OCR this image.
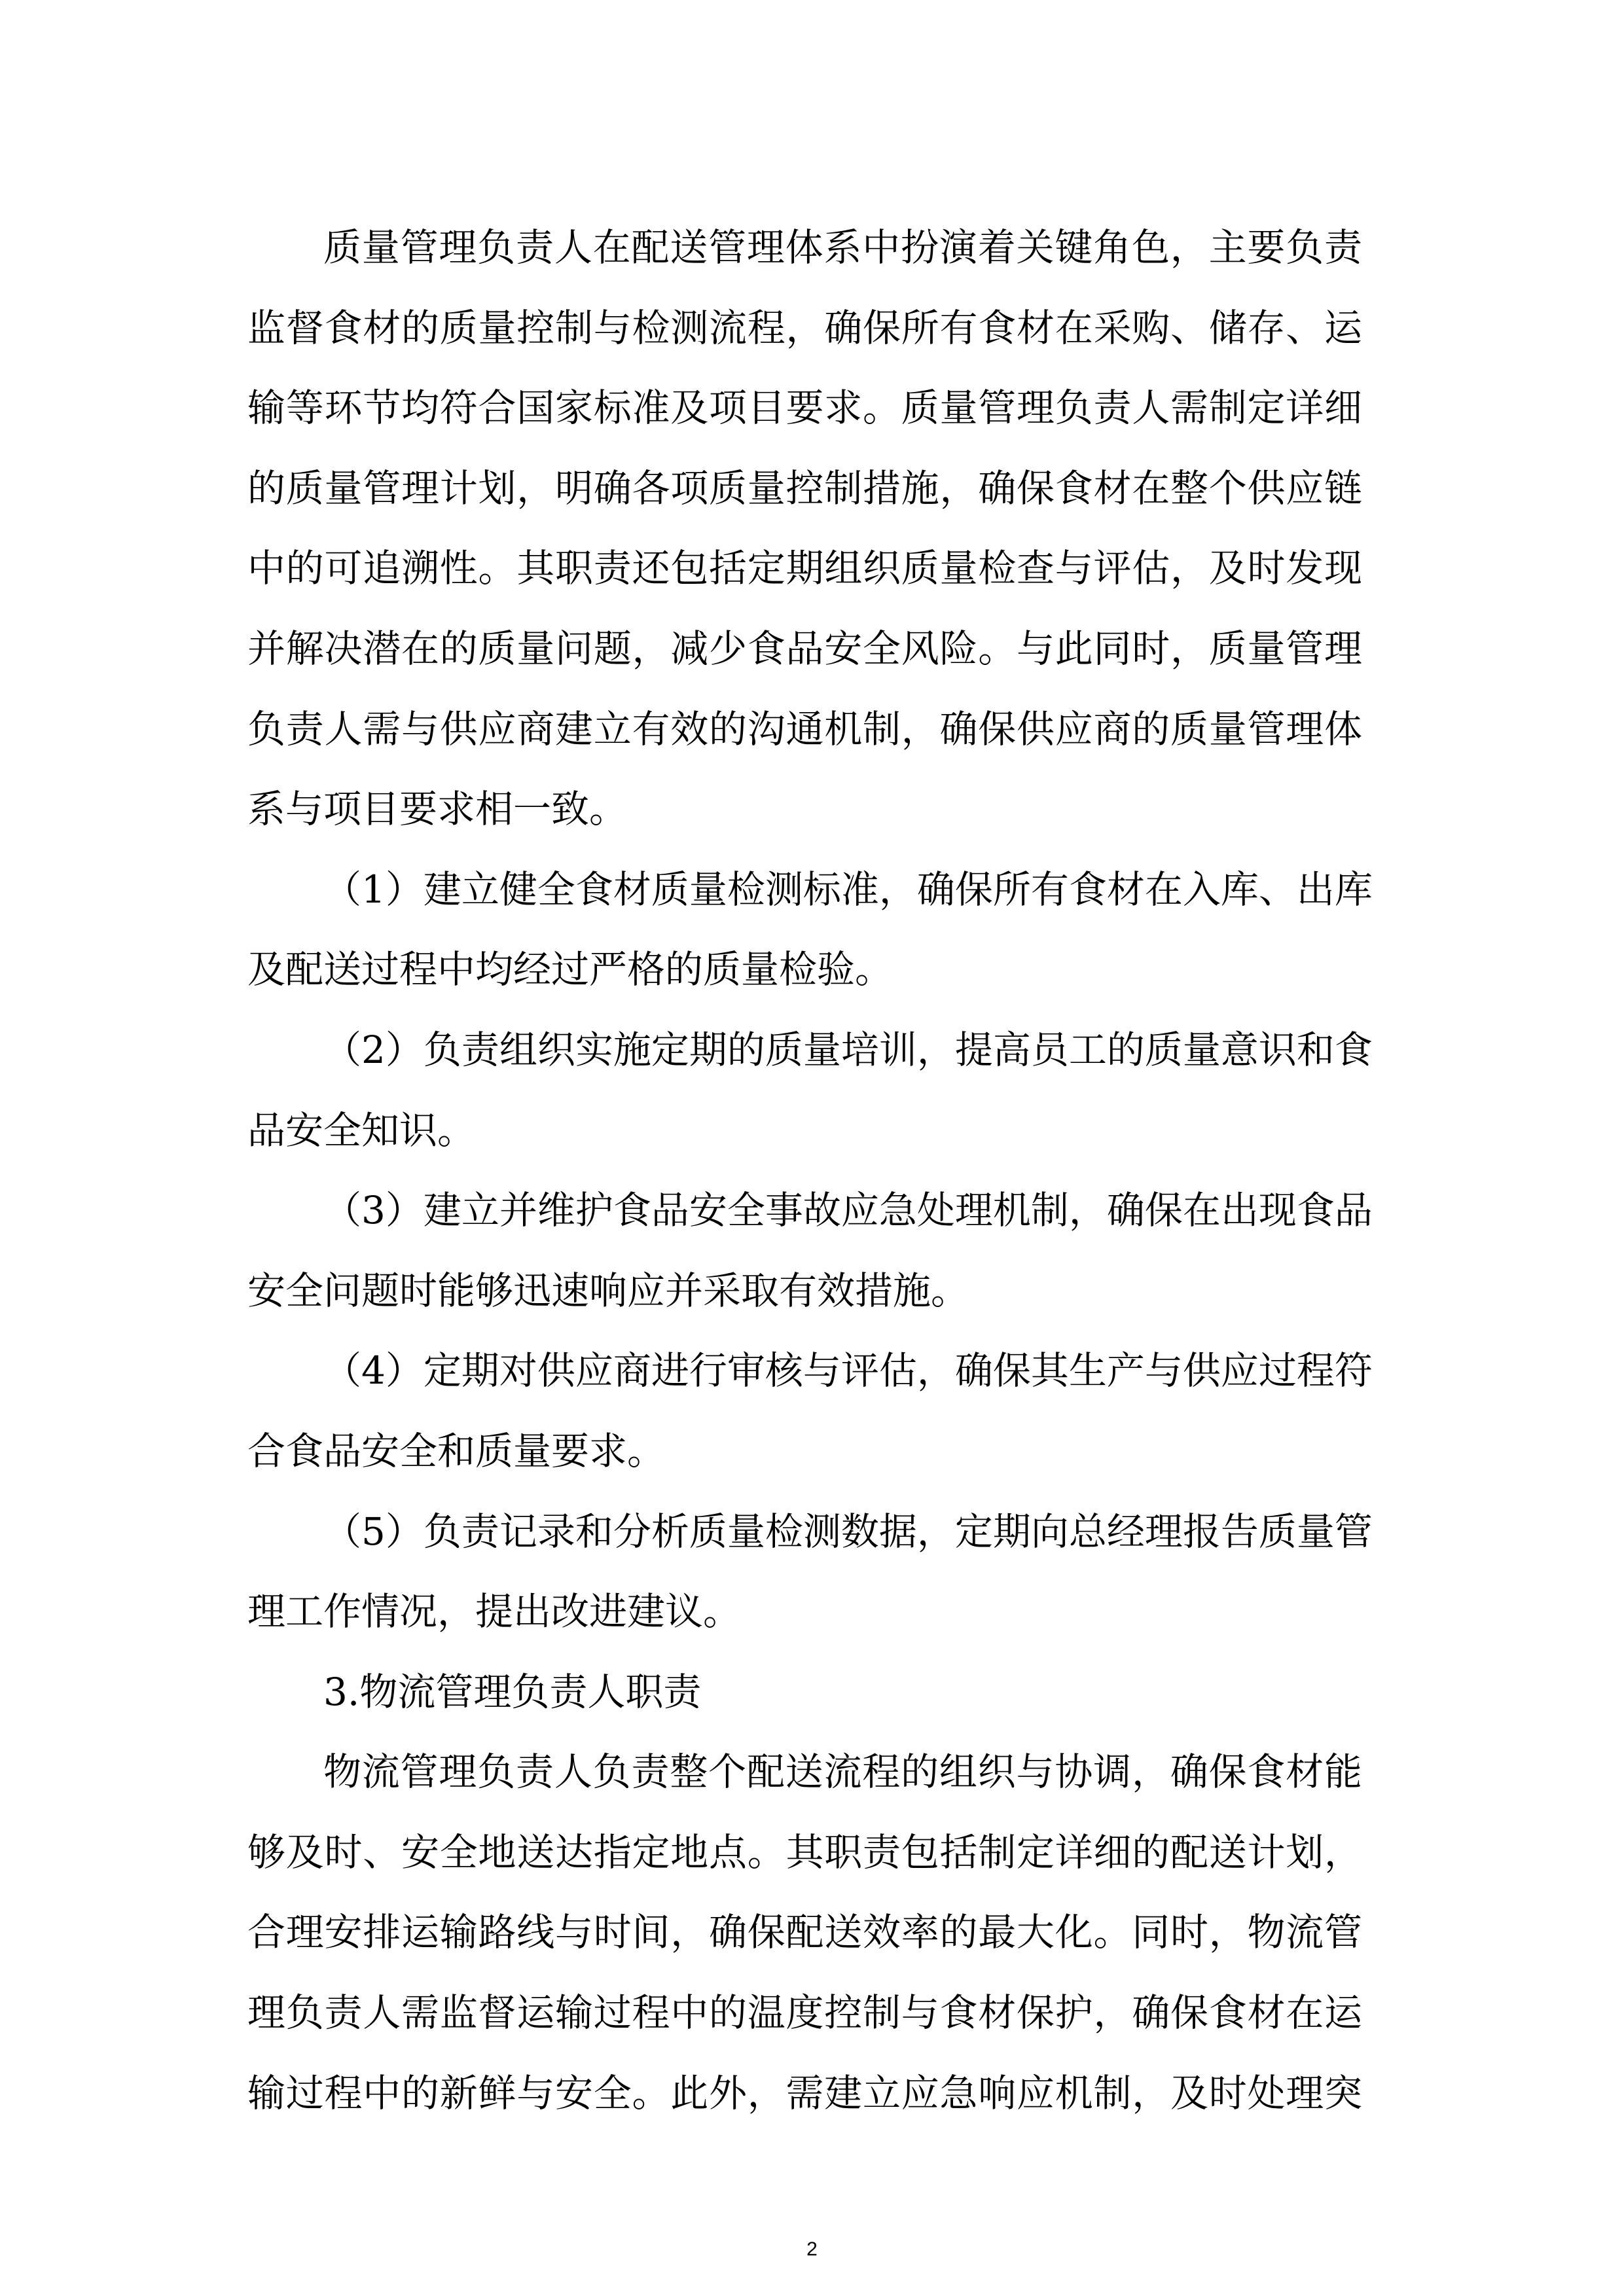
质量管理负责人在配送管理体系中扮演着关键角色，主要负责
监督食材的质量控制与检测流程，确保所有食材在采购、储存、运
输等环节均符合国家标准及项目要求。质量管理负责人需制定详细
的质量管理计划，明确各项质量控制措施，确保食材在整个供应链
中的可追溯性。其职责还包括定期组织质量检查与评估，及时发现
并解决潜在的质量问题，减少食品安全风险。与此同时，质量管理
负责人需与供应商建立有效的沟通机制，确保供应商的质量管理体
系与项目要求相一致。
（1）建立健全食材质量检测标准，确保所有食材在入库、出库
及配送过程中均经过严格的质量检验。
（2）负责组织实施定期的质量培训，提高员工的质量意识和食
品安全知识。
（3）建立并维护食品安全事故应急处理机制，确保在出现食品
安全问题时能够迅速响应并采取有效措施。
（4）定期对供应商进行审核与评估，确保其生产与供应过程符
合食品安全和质量要求。
（5）负责记录和分析质量检测数据，定期向总经理报告质量管
理工作情况，提出改进建议。
3.物流管理负责人职责
物流管理负责人负责整个配送流程的组织与协调，确保食材能
够及时、安全地送达指定地点。其职责包括制定详细的配送计划，
合理安排运输路线与时间，确保配送效率的最大化。同时，物流管
理负责人需监督运输过程中的温度控制与食材保护，确保食材在运
输过程中的新鲜与安全。此外，需建立应急响应机制，及时处理突
2
